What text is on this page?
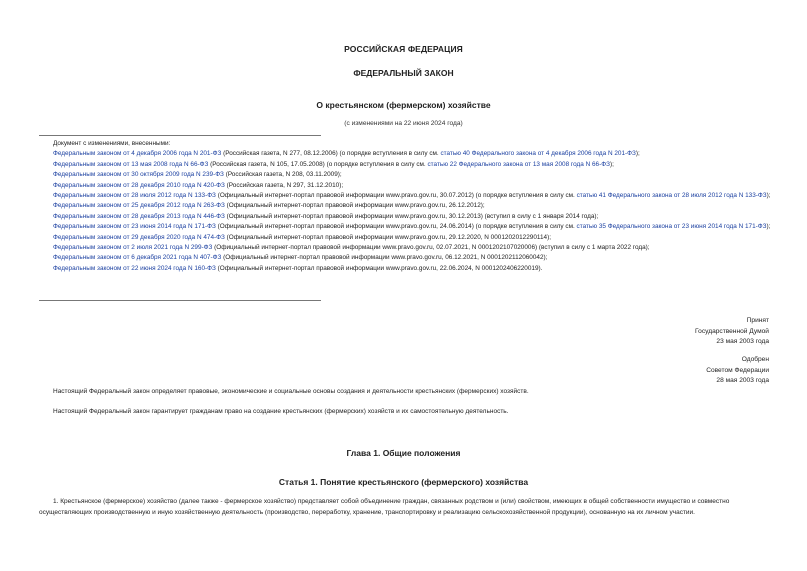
РОССИЙСКАЯ ФЕДЕРАЦИЯ
ФЕДЕРАЛЬНЫЙ ЗАКОН
О крестьянском (фермерском) хозяйстве
(с изменениями на 22 июня 2024 года)
Документ с изменениями, внесенными:
Федеральным законом от 4 декабря 2006 года N 201-ФЗ (Российская газета, N 277, 08.12.2006) (о порядке вступления в силу см. статью 40 Федерального закона от 4 декабря 2006 года N 201-ФЗ);
Федеральным законом от 13 мая 2008 года N 66-ФЗ (Российская газета, N 105, 17.05.2008) (о порядке вступления в силу см. статью 22 Федерального закона от 13 мая 2008 года N 66-ФЗ);
Федеральным законом от 30 октября 2009 года N 239-ФЗ (Российская газета, N 208, 03.11.2009);
Федеральным законом от 28 декабря 2010 года N 420-ФЗ (Российская газета, N 297, 31.12.2010);
Федеральным законом от 28 июля 2012 года N 133-ФЗ (Официальный интернет-портал правовой информации www.pravo.gov.ru, 30.07.2012) (о порядке вступления в силу см. статью 41 Федерального закона от 28 июля 2012 года N 133-ФЗ);
Федеральным законом от 25 декабря 2012 года N 263-ФЗ (Официальный интернет-портал правовой информации www.pravo.gov.ru, 26.12.2012);
Федеральным законом от 28 декабря 2013 года N 446-ФЗ (Официальный интернет-портал правовой информации www.pravo.gov.ru, 30.12.2013) (вступил в силу с 1 января 2014 года);
Федеральным законом от 23 июня 2014 года N 171-ФЗ (Официальный интернет-портал правовой информации www.pravo.gov.ru, 24.06.2014) (о порядке вступления в силу см. статью 35 Федерального закона от 23 июня 2014 года N 171-ФЗ);
Федеральным законом от 29 декабря 2020 года N 474-ФЗ (Официальный интернет-портал правовой информации www.pravo.gov.ru, 29.12.2020, N 0001202012290114);
Федеральным законом от 2 июля 2021 года N 299-ФЗ (Официальный интернет-портал правовой информации www.pravo.gov.ru, 02.07.2021, N 0001202107020006) (вступил в силу с 1 марта 2022 года);
Федеральным законом от 6 декабря 2021 года N 407-ФЗ (Официальный интернет-портал правовой информации www.pravo.gov.ru, 06.12.2021, N 0001202112060042);
Федеральным законом от 22 июня 2024 года N 160-ФЗ (Официальный интернет-портал правовой информации www.pravo.gov.ru, 22.06.2024, N 0001202406220019).
Принят
Государственной Думой
23 мая 2003 года
Одобрен
Советом Федерации
28 мая 2003 года

Настоящий Федеральный закон определяет правовые, экономические и социальные основы создания и деятельности крестьянских (фермерских) хозяйств.

Настоящий Федеральный закон гарантирует гражданам право на создание крестьянских (фермерских) хозяйств и их самостоятельную деятельность.

Глава 1. Общие положения
Статья 1. Понятие крестьянского (фермерского) хозяйства

1. Крестьянское (фермерское) хозяйство (далее также - фермерское хозяйство) представляет собой объединение граждан, связанных родством и (или) свойством, имеющих в общей собственности имущество и совместно осуществляющих производственную и иную хозяйственную деятельность (производство, переработку, хранение, транспортировку и реализацию сельскохозяйственной продукции), основанную на их личном участии.
